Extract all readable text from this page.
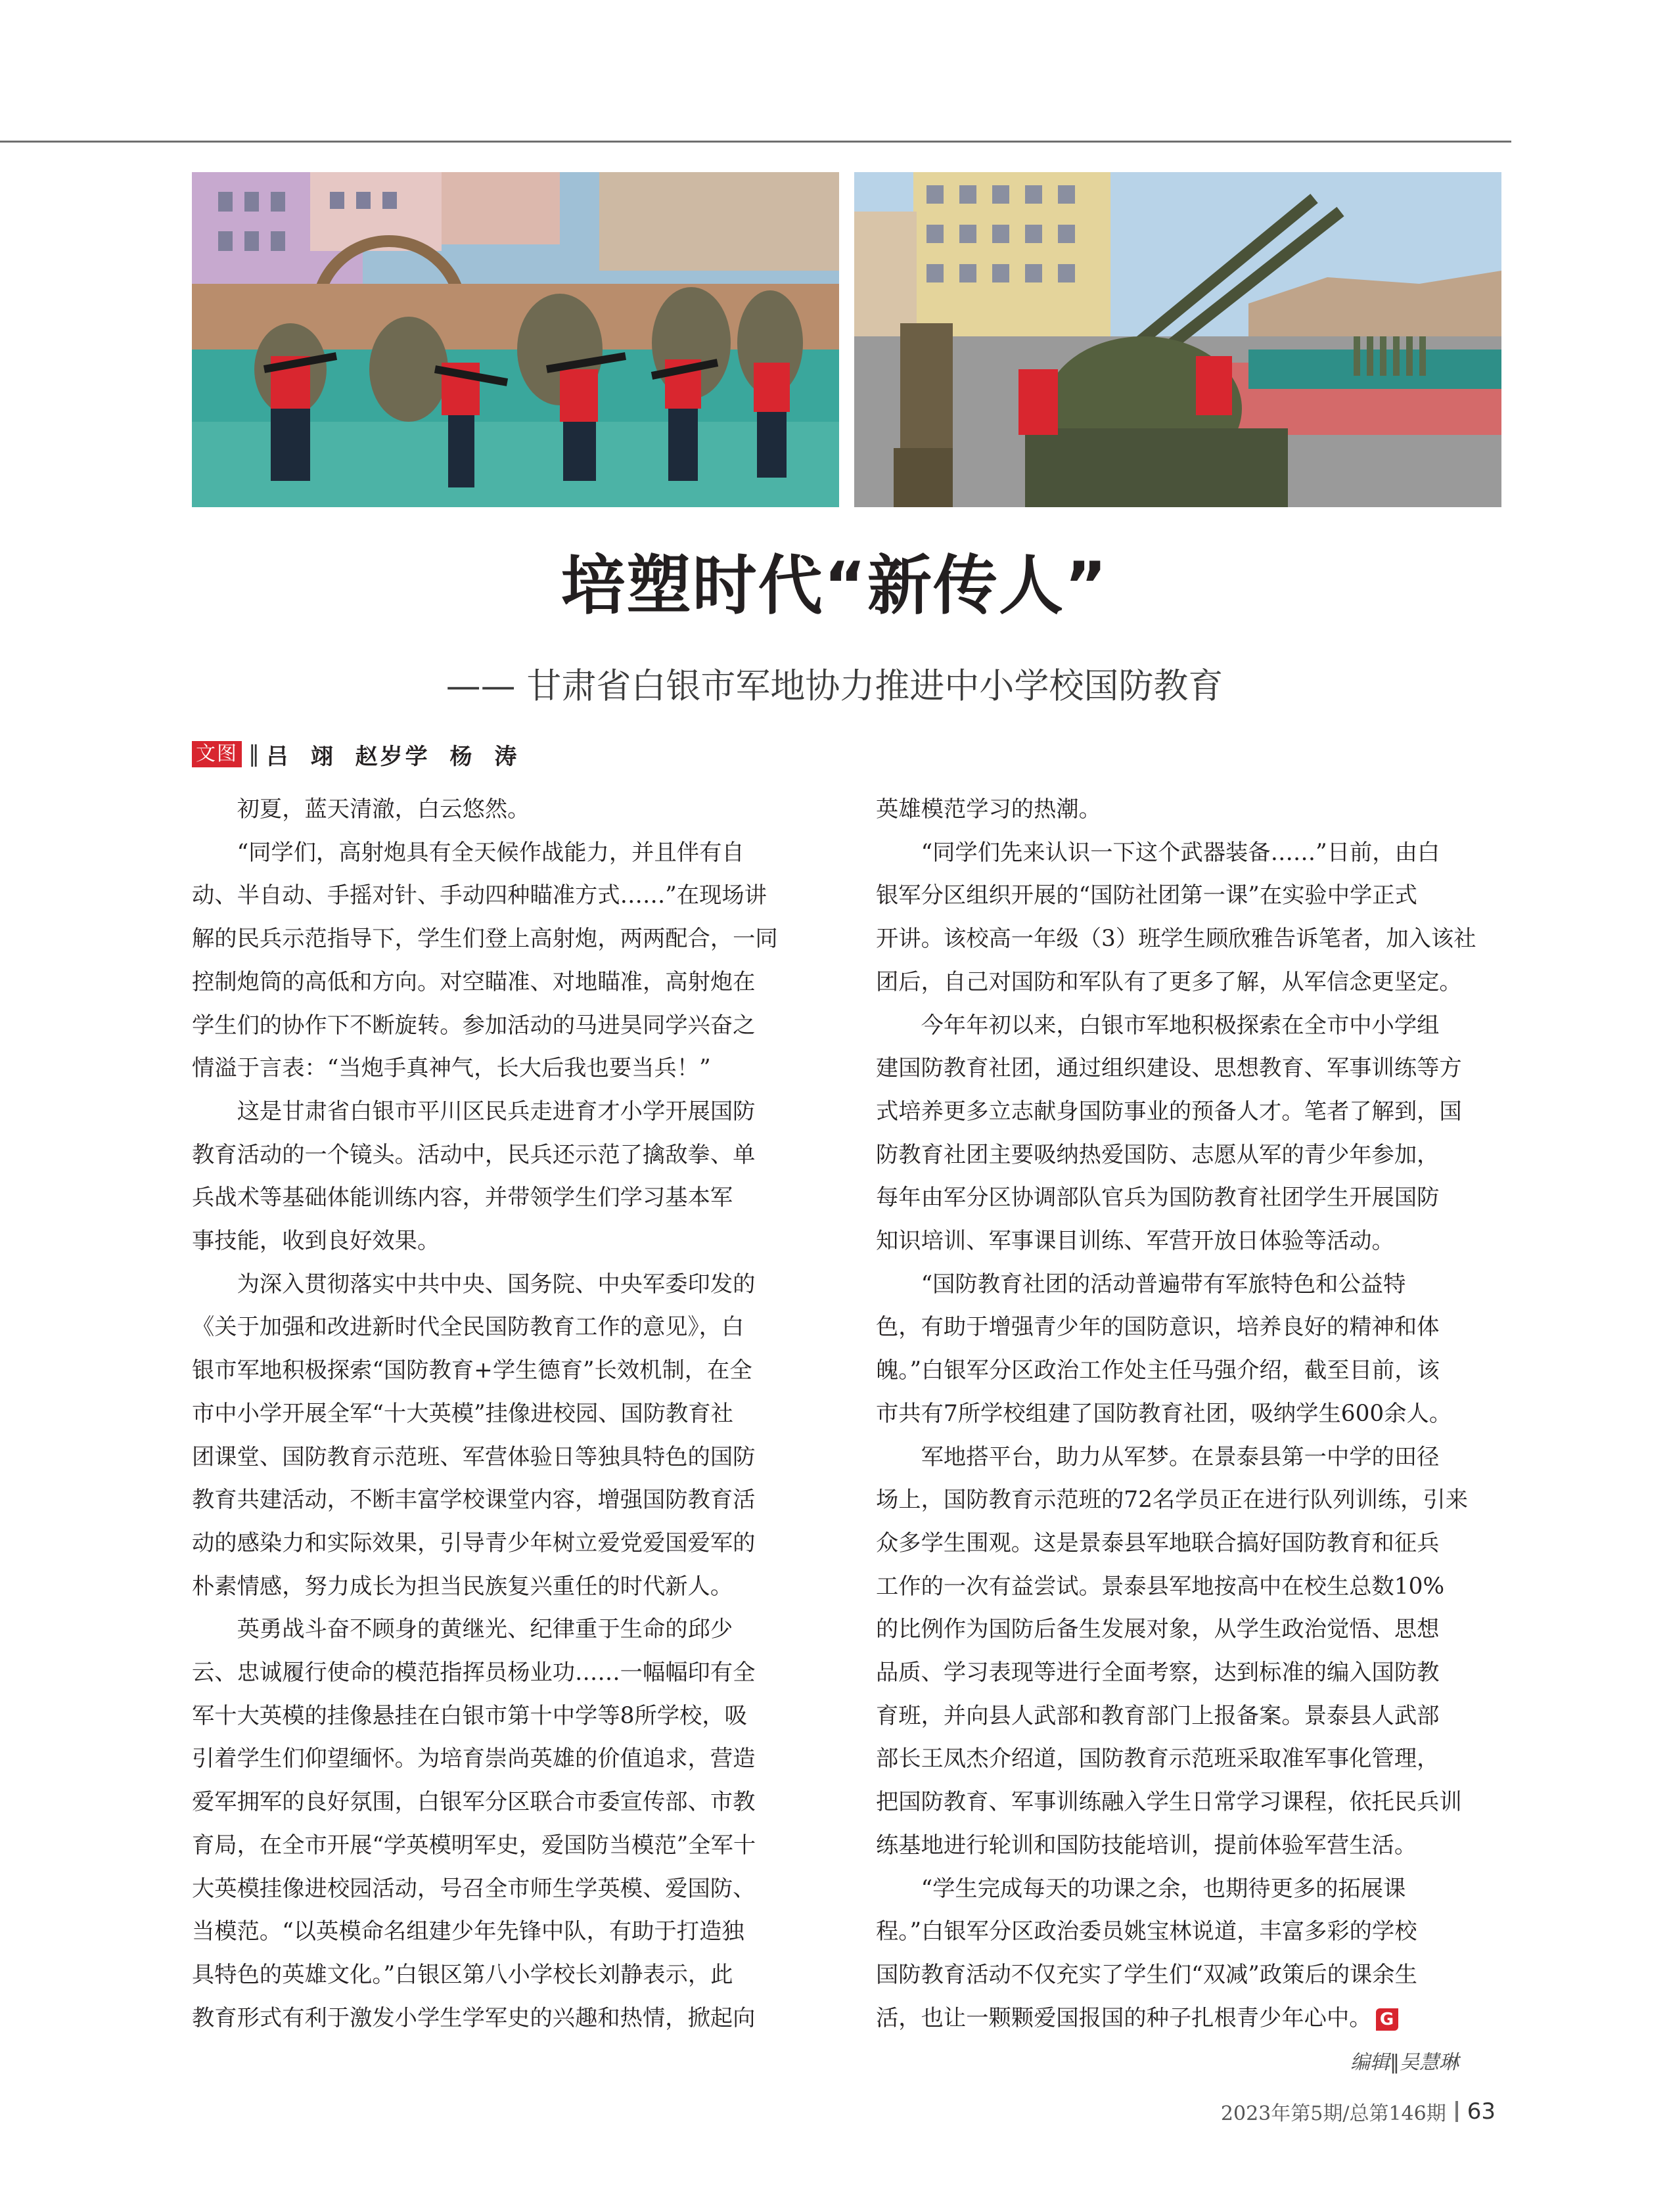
培塑时代“新传人”
—— 甘肃省白银市军地协力推进中小学校国防教育
文图 ‖ 吕 翊 赵岁学 杨 涛

初夏，蓝天清澈，白云悠然。

“同学们，高射炮具有全天候作战能力，并且伴有自

动、半自动、手摇对针、手动四种瞄准方式……”在现场讲

解的民兵示范指导下，学生们登上高射炮，两两配合，一同

控制炮筒的高低和方向。对空瞄准、对地瞄准，高射炮在

学生们的协作下不断旋转。参加活动的马进昊同学兴奋之

情溢于言表：“当炮手真神气，长大后我也要当兵！”

这是甘肃省白银市平川区民兵走进育才小学开展国防

教育活动的一个镜头。活动中，民兵还示范了擒敌拳、单

兵战术等基础体能训练内容，并带领学生们学习基本军

事技能，收到良好效果。

为深入贯彻落实中共中央、国务院、中央军委印发的

《关于加强和改进新时代全民国防教育工作的意见》，白

银市军地积极探索“国防教育+学生德育”长效机制，在全

市中小学开展全军“十大英模”挂像进校园、国防教育社

团课堂、国防教育示范班、军营体验日等独具特色的国防

教育共建活动，不断丰富学校课堂内容，增强国防教育活

动的感染力和实际效果，引导青少年树立爱党爱国爱军的

朴素情感，努力成长为担当民族复兴重任的时代新人。

英勇战斗奋不顾身的黄继光、纪律重于生命的邱少

云、忠诚履行使命的模范指挥员杨业功……一幅幅印有全

军十大英模的挂像悬挂在白银市第十中学等8所学校，吸

引着学生们仰望缅怀。为培育崇尚英雄的价值追求，营造

爱军拥军的良好氛围，白银军分区联合市委宣传部、市教

育局，在全市开展“学英模明军史，爱国防当模范”全军十

大英模挂像进校园活动，号召全市师生学英模、爱国防、

当模范。“以英模命名组建少年先锋中队，有助于打造独

具特色的英雄文化。”白银区第八小学校长刘静表示，此

教育形式有利于激发小学生学军史的兴趣和热情，掀起向

英雄模范学习的热潮。

“同学们先来认识一下这个武器装备……”日前，由白

银军分区组织开展的“国防社团第一课”在实验中学正式

开讲。该校高一年级（3）班学生顾欣雅告诉笔者，加入该社

团后，自己对国防和军队有了更多了解，从军信念更坚定。

今年年初以来，白银市军地积极探索在全市中小学组

建国防教育社团，通过组织建设、思想教育、军事训练等方

式培养更多立志献身国防事业的预备人才。笔者了解到，国

防教育社团主要吸纳热爱国防、志愿从军的青少年参加，

每年由军分区协调部队官兵为国防教育社团学生开展国防

知识培训、军事课目训练、军营开放日体验等活动。

“国防教育社团的活动普遍带有军旅特色和公益特

色，有助于增强青少年的国防意识，培养良好的精神和体

魄。”白银军分区政治工作处主任马强介绍，截至目前，该

市共有7所学校组建了国防教育社团，吸纳学生600余人。

军地搭平台，助力从军梦。在景泰县第一中学的田径

场上，国防教育示范班的72名学员正在进行队列训练，引来

众多学生围观。这是景泰县军地联合搞好国防教育和征兵

工作的一次有益尝试。景泰县军地按高中在校生总数10%

的比例作为国防后备生发展对象，从学生政治觉悟、思想

品质、学习表现等进行全面考察，达到标准的编入国防教

育班，并向县人武部和教育部门上报备案。景泰县人武部

部长王凤杰介绍道，国防教育示范班采取准军事化管理，

把国防教育、军事训练融入学生日常学习课程，依托民兵训

练基地进行轮训和国防技能培训，提前体验军营生活。

“学生完成每天的功课之余，也期待更多的拓展课

程。”白银军分区政治委员姚宝林说道，丰富多彩的学校

国防教育活动不仅充实了学生们“双减”政策后的课余生

活，也让一颗颗爱国报国的种子扎根青少年心中。 G

编辑‖吴慧琳
2023年第5期/总第146期 63
